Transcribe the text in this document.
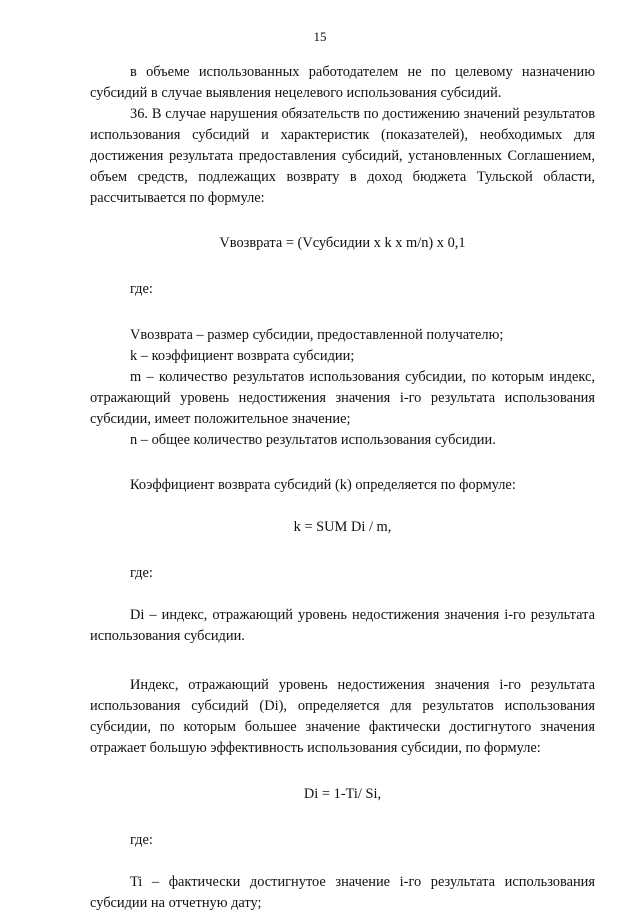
15

в объеме использованных работодателем не по целевому назначению субсидий в случае выявления нецелевого использования субсидий.

36. В случае нарушения обязательств по достижению значений результатов использования субсидий и характеристик (показателей), необходимых для достижения результата предоставления субсидий, установленных Соглашением, объем средств, подлежащих возврату в доход бюджета Тульской области, рассчитывается по формуле:

Vвозврата = (Vсубсидии х k х m/n) х 0,1

где:

Vвозврата – размер субсидии, предоставленной получателю;

k – коэффициент возврата субсидии;

m – количество результатов использования субсидии, по которым индекс, отражающий уровень недостижения значения i-го результата использования субсидии, имеет положительное значение;

n – общее количество результатов использования субсидии.

Коэффициент возврата субсидий (k) определяется по формуле:

k = SUM Di / m,

где:

Di – индекс, отражающий уровень недостижения значения i-го результата использования субсидии.

Индекс, отражающий уровень недостижения значения i-го результата использования субсидий (Di), определяется для результатов использования субсидии, по которым большее значение фактически достигнутого значения отражает большую эффективность использования субсидии, по формуле:

Di = 1-Ti/ Si,

где:

Ti – фактически достигнутое значение i-го результата использования субсидии на отчетную дату;
